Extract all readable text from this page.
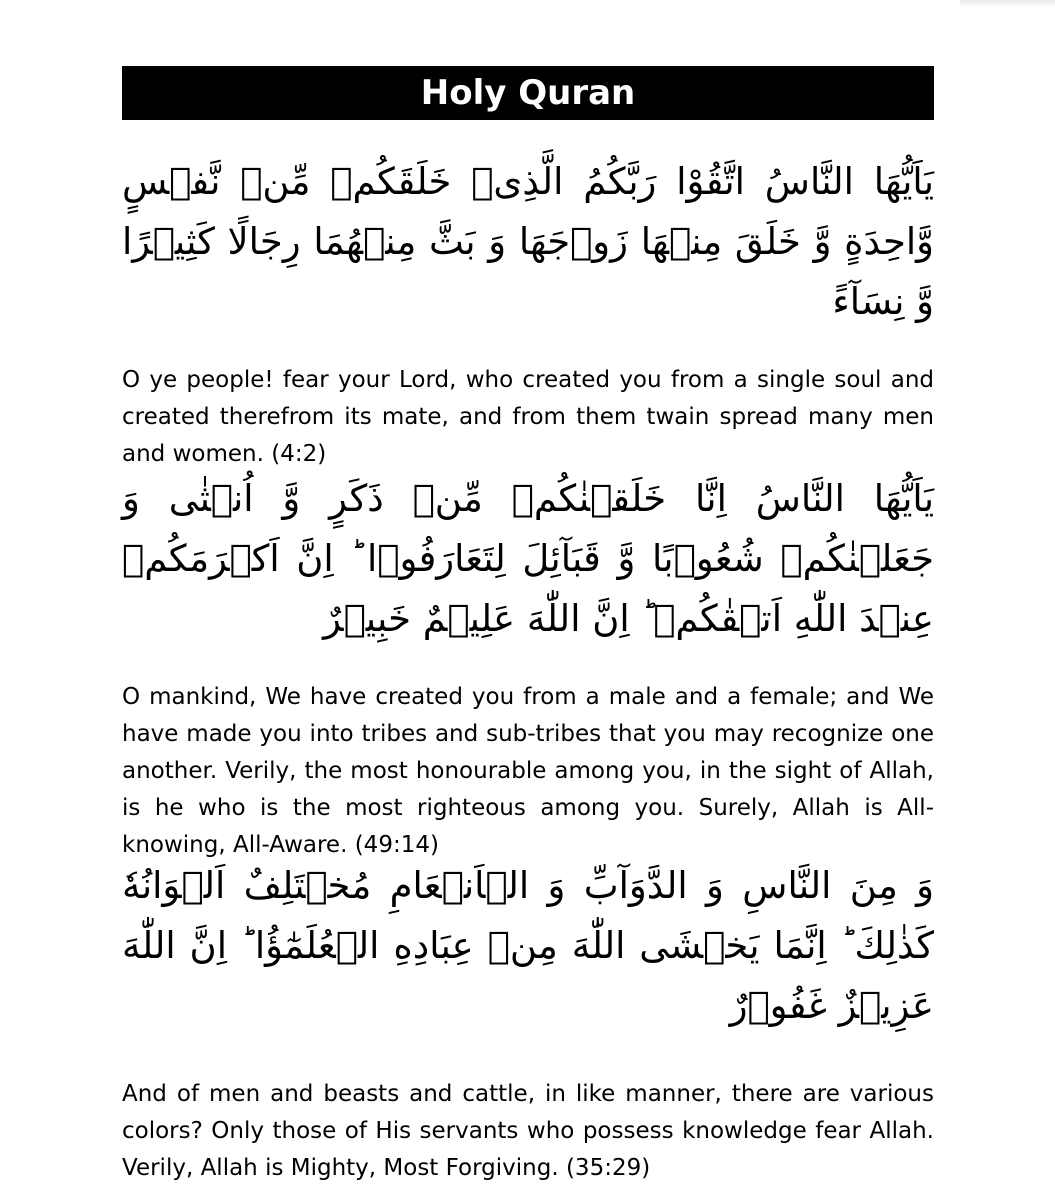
Holy Quran

يَاَيُّهَا النَّاسُ اتَّقُوْا رَبَّكُمُ الَّذِىۡ خَلَقَكُمۡ مِّنۡ نَّفۡسٍ وَّاحِدَةٍ وَّ خَلَقَ مِنۡهَا زَوۡجَهَا وَ بَثَّ مِنۡهُمَا رِجَالًا كَثِيۡرًا وَّ نِسَآءً

O ye people! fear your Lord, who created you from a single soul and created therefrom its mate, and from them twain spread many men and women. (4:2)

يَاَيُّهَا النَّاسُ اِنَّا خَلَقۡنٰكُمۡ مِّنۡ ذَكَرٍ وَّ اُنۡثٰى وَ جَعَلۡنٰكُمۡ شُعُوۡبًا وَّ قَبَآئِلَ لِتَعَارَفُوۡا ؕ اِنَّ اَكۡرَمَكُمۡ عِنۡدَ اللّٰهِ اَتۡقٰكُمۡ ؕ اِنَّ اللّٰهَ عَلِيۡمٌ خَبِيۡرٌ

O mankind, We have created you from a male and a female; and We have made you into tribes and sub-tribes that you may recognize one another. Verily, the most honourable among you, in the sight of Allah, is he who is the most righteous among you. Surely, Allah is All-knowing, All-Aware. (49:14)

وَ مِنَ النَّاسِ وَ الدَّوَآبِّ وَ الۡاَنۡعَامِ مُخۡتَلِفٌ اَلۡوَانُهٗ كَذٰلِكَ ؕ اِنَّمَا يَخۡشَى اللّٰهَ مِنۡ عِبَادِهِ الۡعُلَمٰٓؤُا ؕ اِنَّ اللّٰهَ عَزِيۡزٌ غَفُوۡرٌ

And of men and beasts and cattle, in like manner, there are various colors? Only those of His servants who possess knowledge fear Allah. Verily, Allah is Mighty, Most Forgiving. (35:29)
